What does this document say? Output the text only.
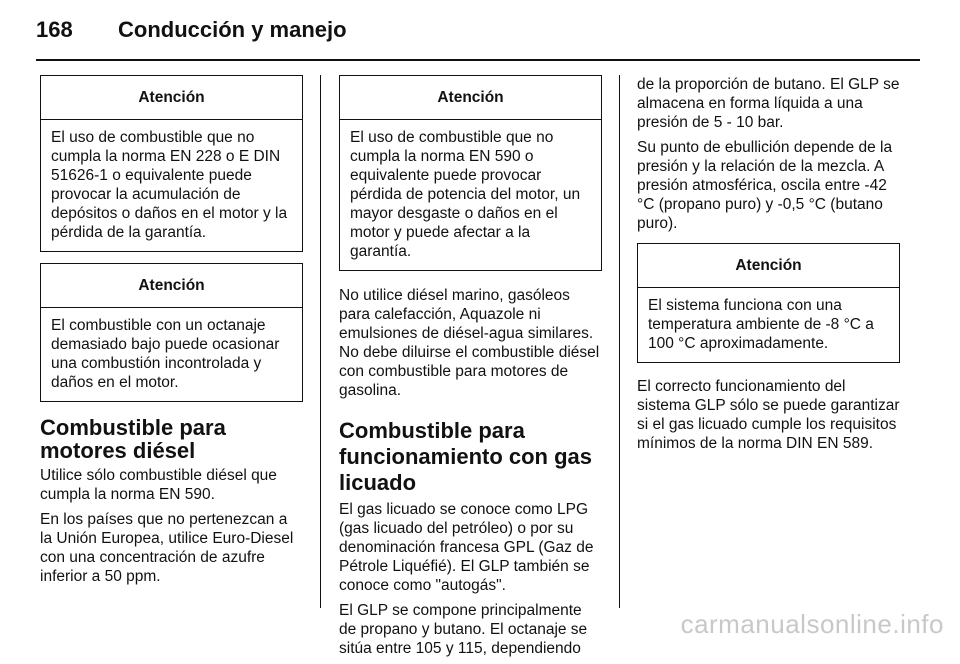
168 Conducción y manejo
Atención
El uso de combustible que no cumpla la norma EN 228 o E DIN 51626-1 o equivalente puede provocar la acumulación de depósitos o daños en el motor y la pérdida de la garantía.
Atención
El combustible con un octanaje demasiado bajo puede ocasionar una combustión incontrolada y daños en el motor.
Combustible para motores diésel

Utilice sólo combustible diésel que cumpla la norma EN 590.

En los países que no pertenezcan a la Unión Europea, utilice Euro-Diesel con una concentración de azufre inferior a 50 ppm.

Atención
El uso de combustible que no cumpla la norma EN 590 o equivalente puede provocar pérdida de potencia del motor, un mayor desgaste o daños en el motor y puede afectar a la garantía.

No utilice diésel marino, gasóleos para calefacción, Aquazole ni emulsiones de diésel-agua similares. No debe diluirse el combustible diésel con combustible para motores de gasolina.

Combustible para funcionamiento con gas licuado

El gas licuado se conoce como LPG (gas licuado del petróleo) o por su denominación francesa GPL (Gaz de Pétrole Liquéfié). El GLP también se conoce como "autogás".

El GLP se compone principalmente de propano y butano. El octanaje se sitúa entre 105 y 115, dependiendo

de la proporción de butano. El GLP se almacena en forma líquida a una presión de 5 - 10 bar.

Su punto de ebullición depende de la presión y la relación de la mezcla. A presión atmosférica, oscila entre -42 °C (propano puro) y -0,5 °C (butano puro).

Atención
El sistema funciona con una temperatura ambiente de -8 °C a 100 °C aproximadamente.

El correcto funcionamiento del sistema GLP sólo se puede garantizar si el gas licuado cumple los requisitos mínimos de la norma DIN EN 589.

carmanualsonline.info
